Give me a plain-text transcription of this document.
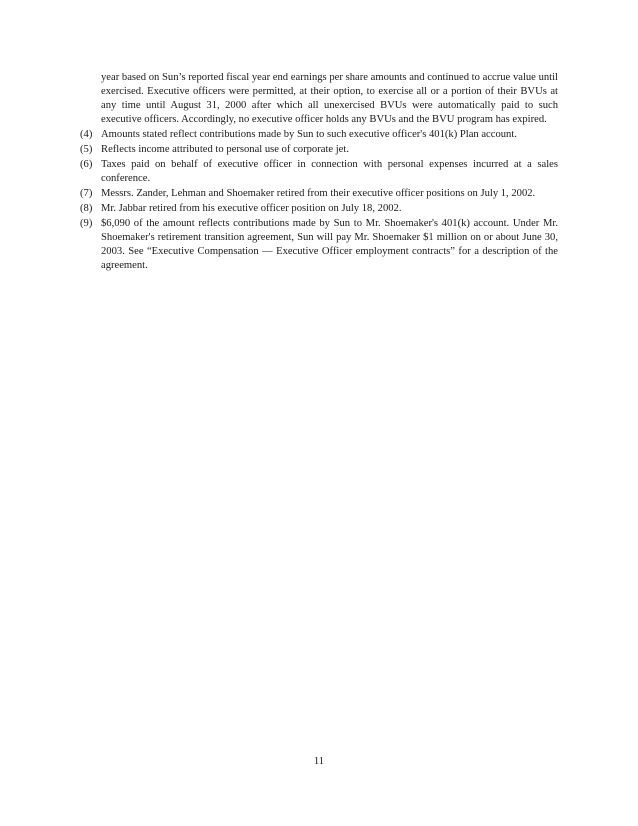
year based on Sun’s reported fiscal year end earnings per share amounts and continued to accrue value until exercised. Executive officers were permitted, at their option, to exercise all or a portion of their BVUs at any time until August 31, 2000 after which all unexercised BVUs were automatically paid to such executive officers. Accordingly, no executive officer holds any BVUs and the BVU program has expired.
(4) Amounts stated reflect contributions made by Sun to such executive officer's 401(k) Plan account.
(5) Reflects income attributed to personal use of corporate jet.
(6) Taxes paid on behalf of executive officer in connection with personal expenses incurred at a sales conference.
(7) Messrs. Zander, Lehman and Shoemaker retired from their executive officer positions on July 1, 2002.
(8) Mr. Jabbar retired from his executive officer position on July 18, 2002.
(9) $6,090 of the amount reflects contributions made by Sun to Mr. Shoemaker's 401(k) account. Under Mr. Shoemaker's retirement transition agreement, Sun will pay Mr. Shoemaker $1 million on or about June 30, 2003. See “Executive Compensation — Executive Officer employment contracts” for a description of the agreement.
11
